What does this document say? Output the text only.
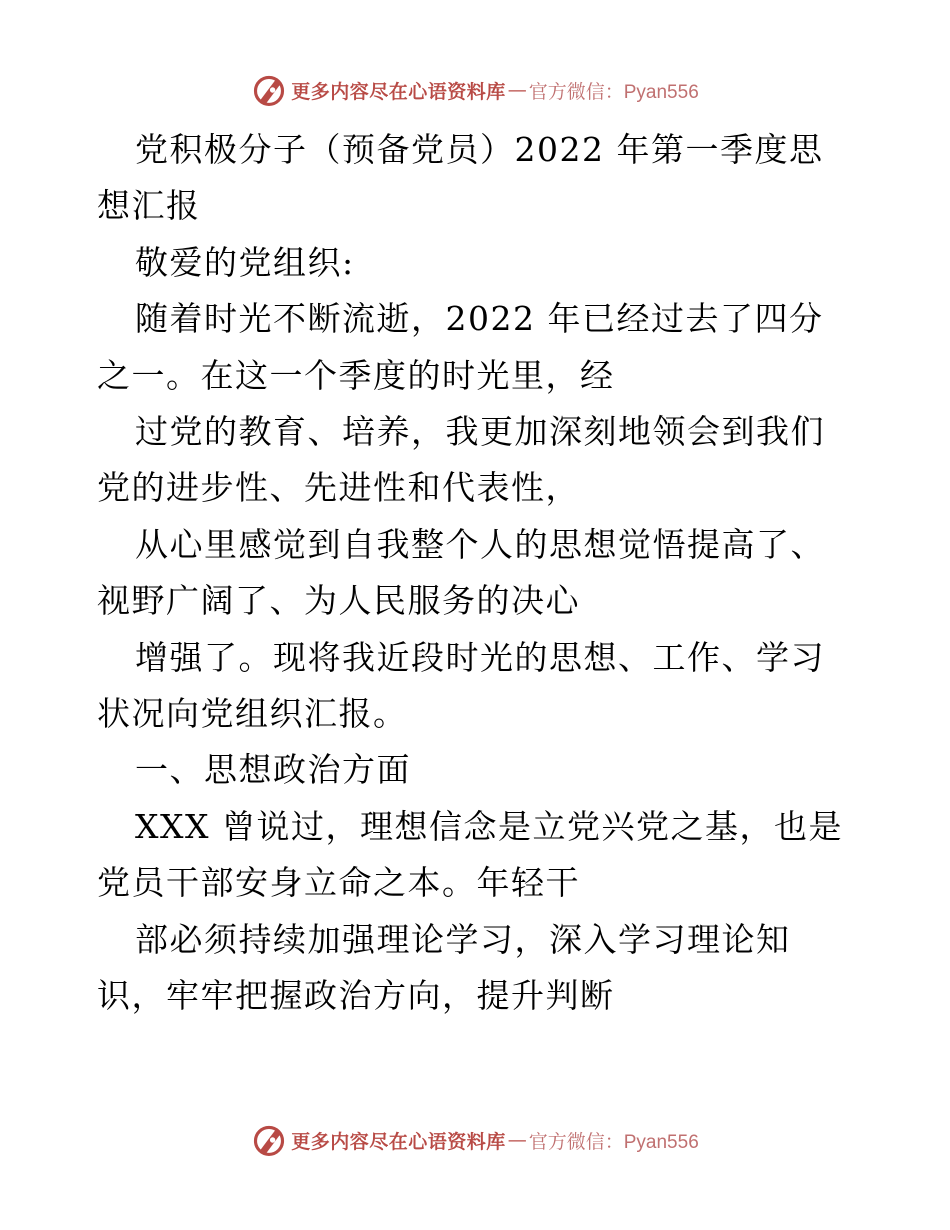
更多内容尽在心语资料库 — 官方微信：Pyan556

党积极分子（预备党员）2022 年第一季度思想汇报

敬爱的党组织:

随着时光不断流逝，2022 年已经过去了四分之一。在这一个季度的时光里，经

过党的教育、培养，我更加深刻地领会到我们党的进步性、先进性和代表性，

从心里感觉到自我整个人的思想觉悟提高了、视野广阔了、为人民服务的决心

增强了。现将我近段时光的思想、工作、学习状况向党组织汇报。

一、思想政治方面

XXX 曾说过，理想信念是立党兴党之基，也是党员干部安身立命之本。年轻干

部必须持续加强理论学习，深入学习理论知识，牢牢把握政治方向，提升判断

更多内容尽在心语资料库 — 官方微信：Pyan556
